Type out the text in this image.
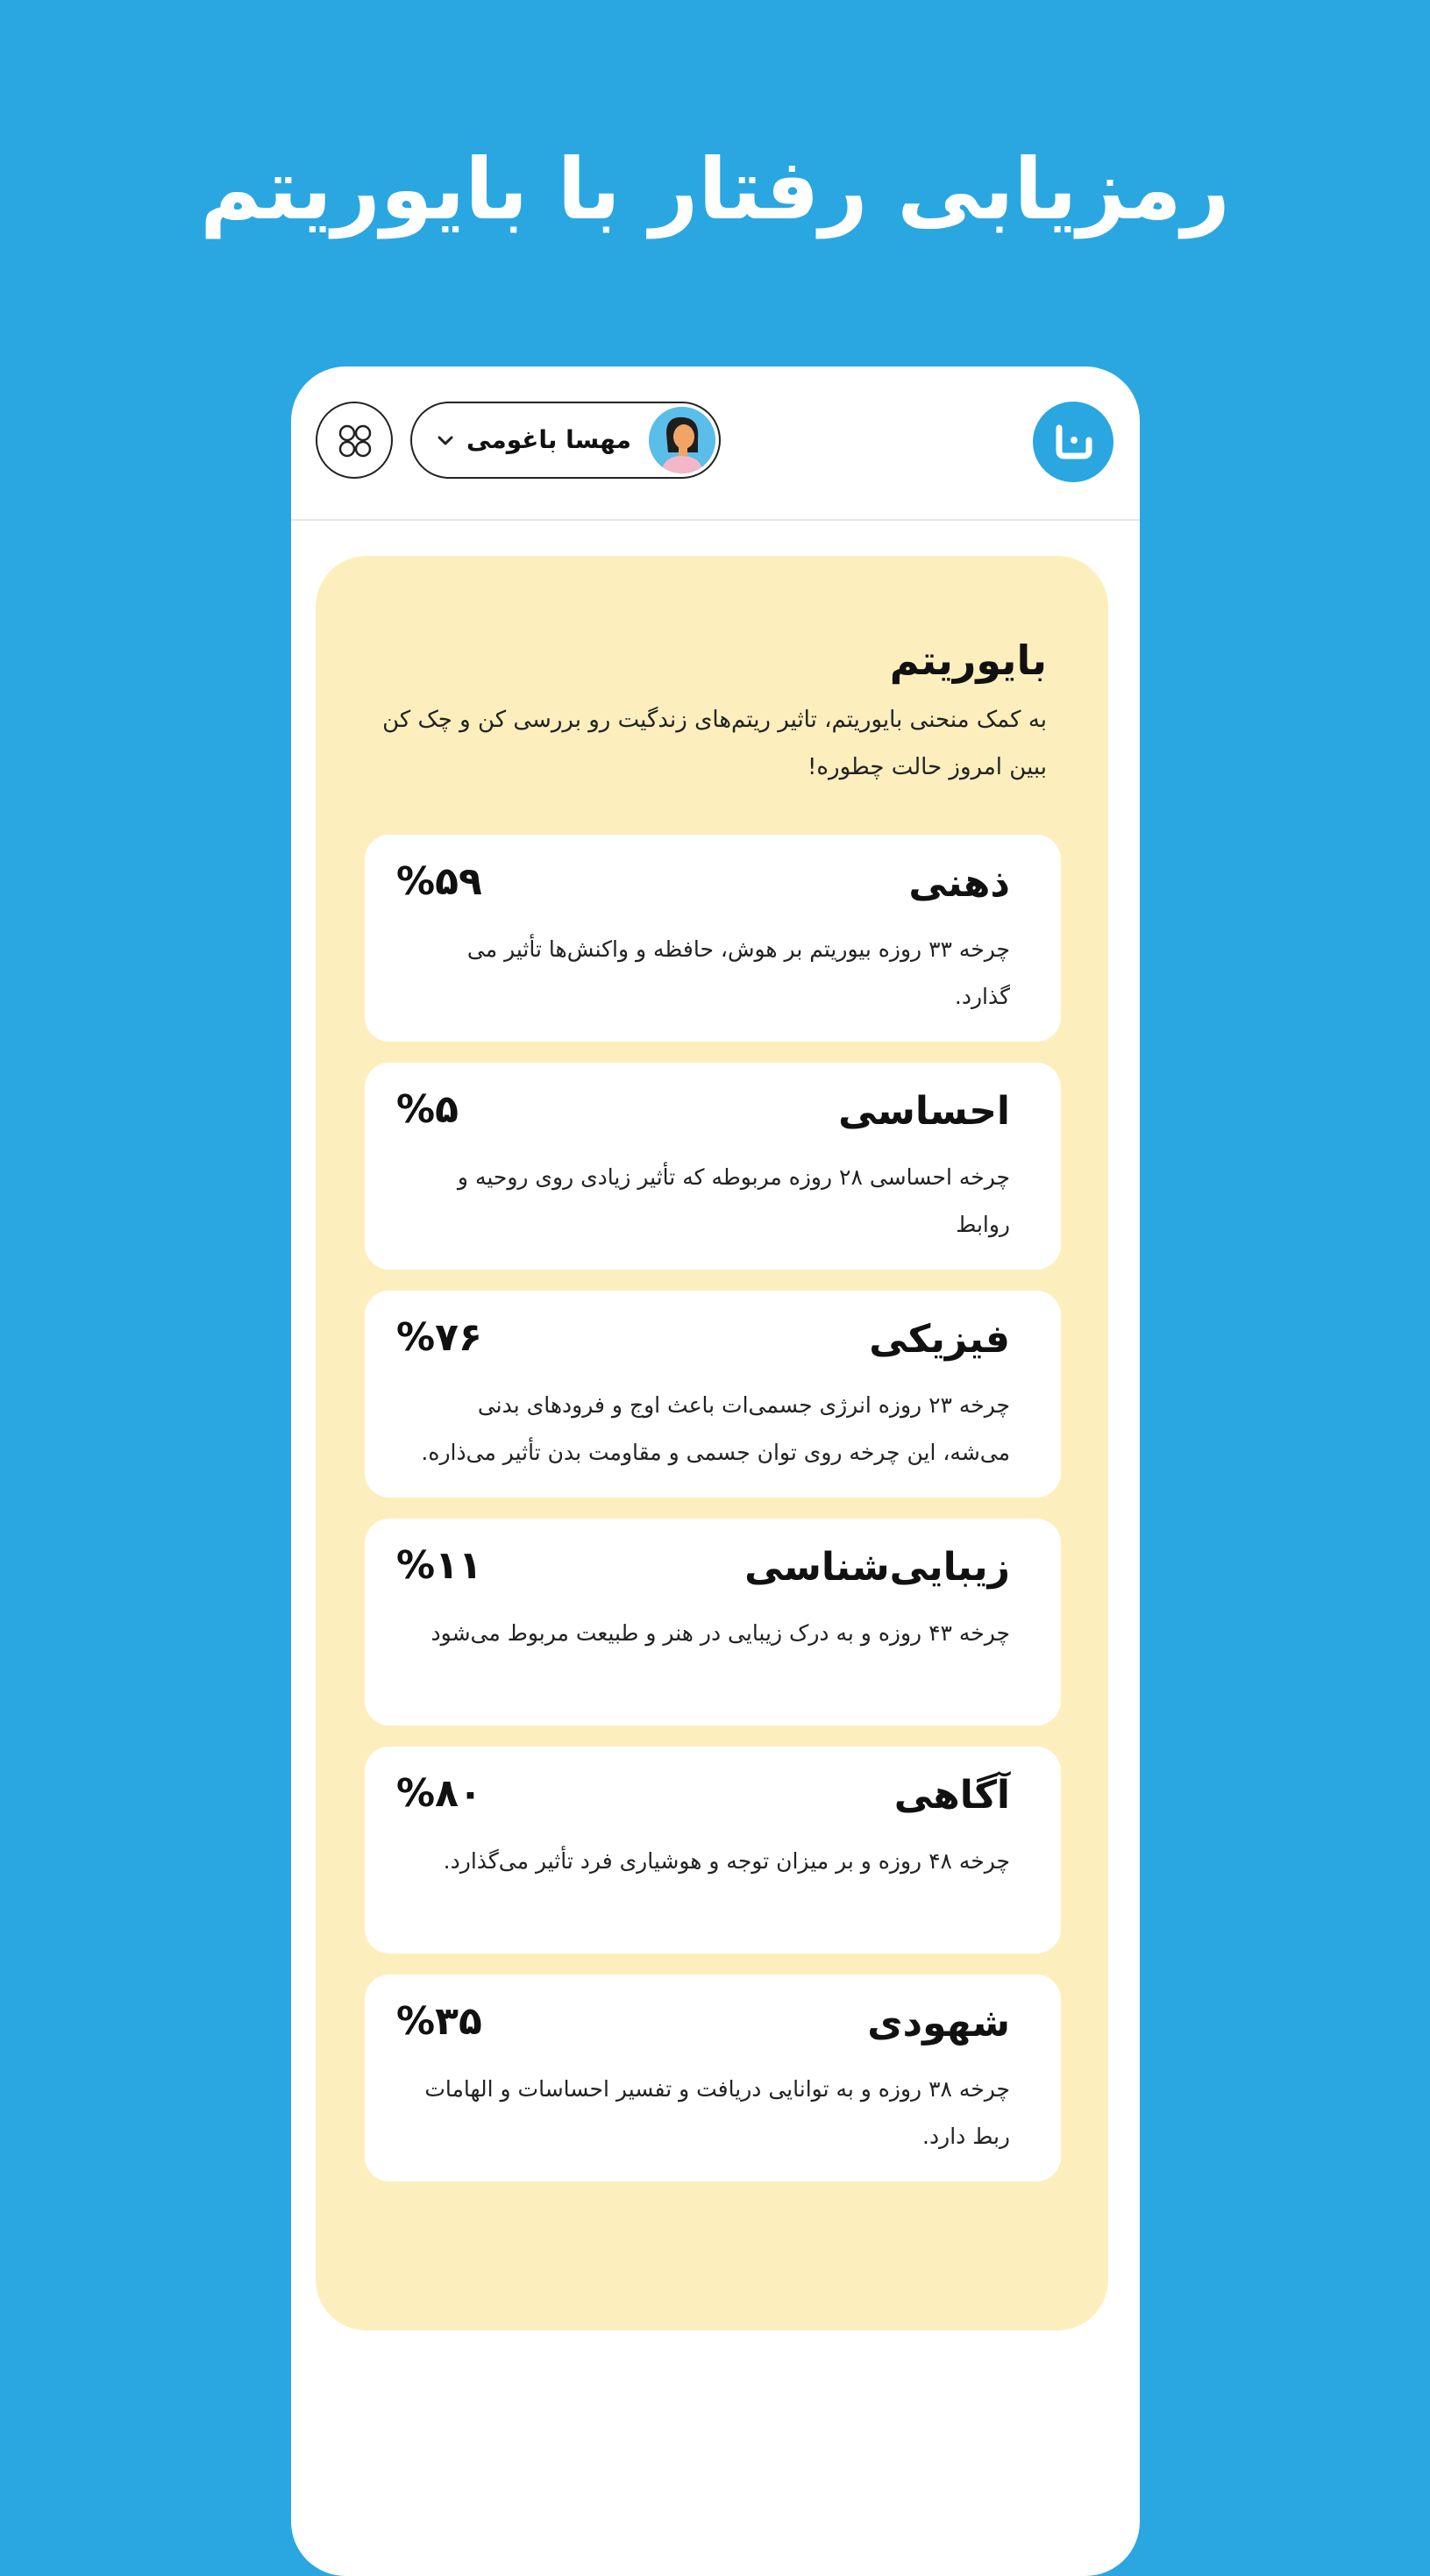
رمزیابی رفتار با بایوریتم
مهسا باغومی
بایوریتم
به کمک منحنی بایوریتم، تاثیر ریتم‌های زندگیت رو بررسی کن و چک کن ببین امروز حالت چطوره!
ذهنی
%۵۹
چرخه ۳۳ روزه بیوریتم بر هوش، حافظه و واکنش‌ها تأثیر می گذارد.
احساسی
%۵
چرخه احساسی ۲۸ روزه مربوطه که تأثیر زیادی روی روحیه و روابط
فیزیکی
%۷۶
چرخه ۲۳ روزه انرژی جسمی‌ات باعث اوج و فرودهای بدنی می‌شه، این چرخه روی توان جسمی و مقاومت بدن تأثیر می‌ذاره.
زیبایی‌شناسی
%۱۱
چرخه ۴۳ روزه و به درک زیبایی در هنر و طبیعت مربوط می‌شود
آگاهی
%۸۰
چرخه ۴۸ روزه و بر میزان توجه و هوشیاری فرد تأثیر می‌گذارد.
شهودی
%۳۵
چرخه ۳۸ روزه و به توانایی دریافت و تفسیر احساسات و الهامات ربط دارد.
